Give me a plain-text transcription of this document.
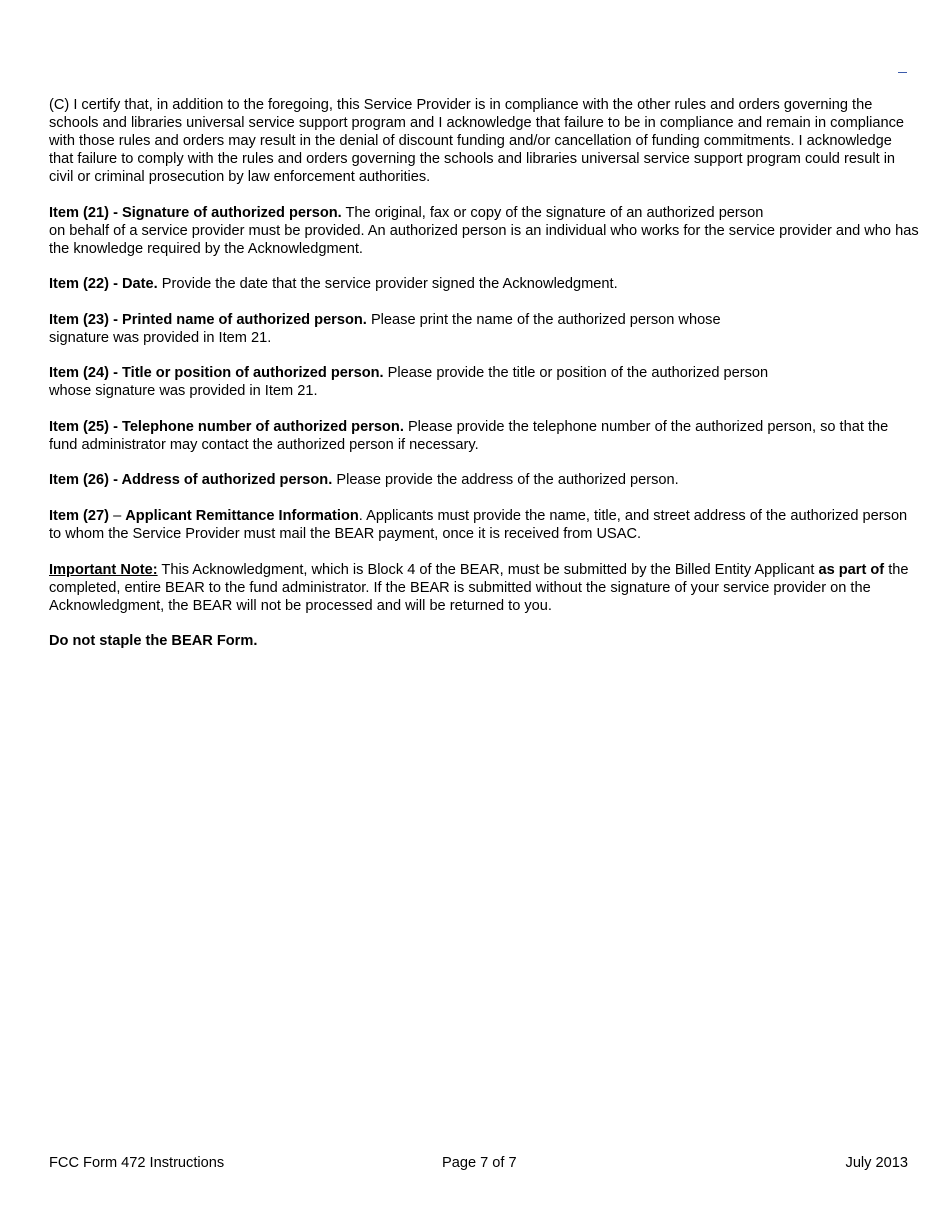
(C) I certify that, in addition to the foregoing, this Service Provider is in compliance with the other rules and orders governing the schools and libraries universal service support program and I acknowledge that failure to be in compliance and remain in compliance with those rules and orders may result in the denial of discount funding and/or cancellation of funding commitments. I acknowledge that failure to comply with the rules and orders governing the schools and libraries universal service support program could result in civil or criminal prosecution by law enforcement authorities.

Item (21) - Signature of authorized person. The original, fax or copy of the signature of an authorized person
on behalf of a service provider must be provided. An authorized person is an individual who works for the service provider and who has the knowledge required by the Acknowledgment.

Item (22) - Date. Provide the date that the service provider signed the Acknowledgment.

Item (23) - Printed name of authorized person. Please print the name of the authorized person whose
signature was provided in Item 21.

Item (24) - Title or position of authorized person. Please provide the title or position of the authorized person
whose signature was provided in Item 21.

Item (25) - Telephone number of authorized person. Please provide the telephone number of the authorized person, so that the fund administrator may contact the authorized person if necessary.

Item (26) - Address of authorized person. Please provide the address of the authorized person.

Item (27) – Applicant Remittance Information. Applicants must provide the name, title, and street address of the authorized person to whom the Service Provider must mail the BEAR payment, once it is received from USAC.

Important Note: This Acknowledgment, which is Block 4 of the BEAR, must be submitted by the Billed Entity Applicant as part of the completed, entire BEAR to the fund administrator. If the BEAR is submitted without the signature of your service provider on the Acknowledgment, the BEAR will not be processed and will be returned to you.

Do not staple the BEAR Form.

FCC Form 472 Instructions	Page 7 of 7	July 2013
